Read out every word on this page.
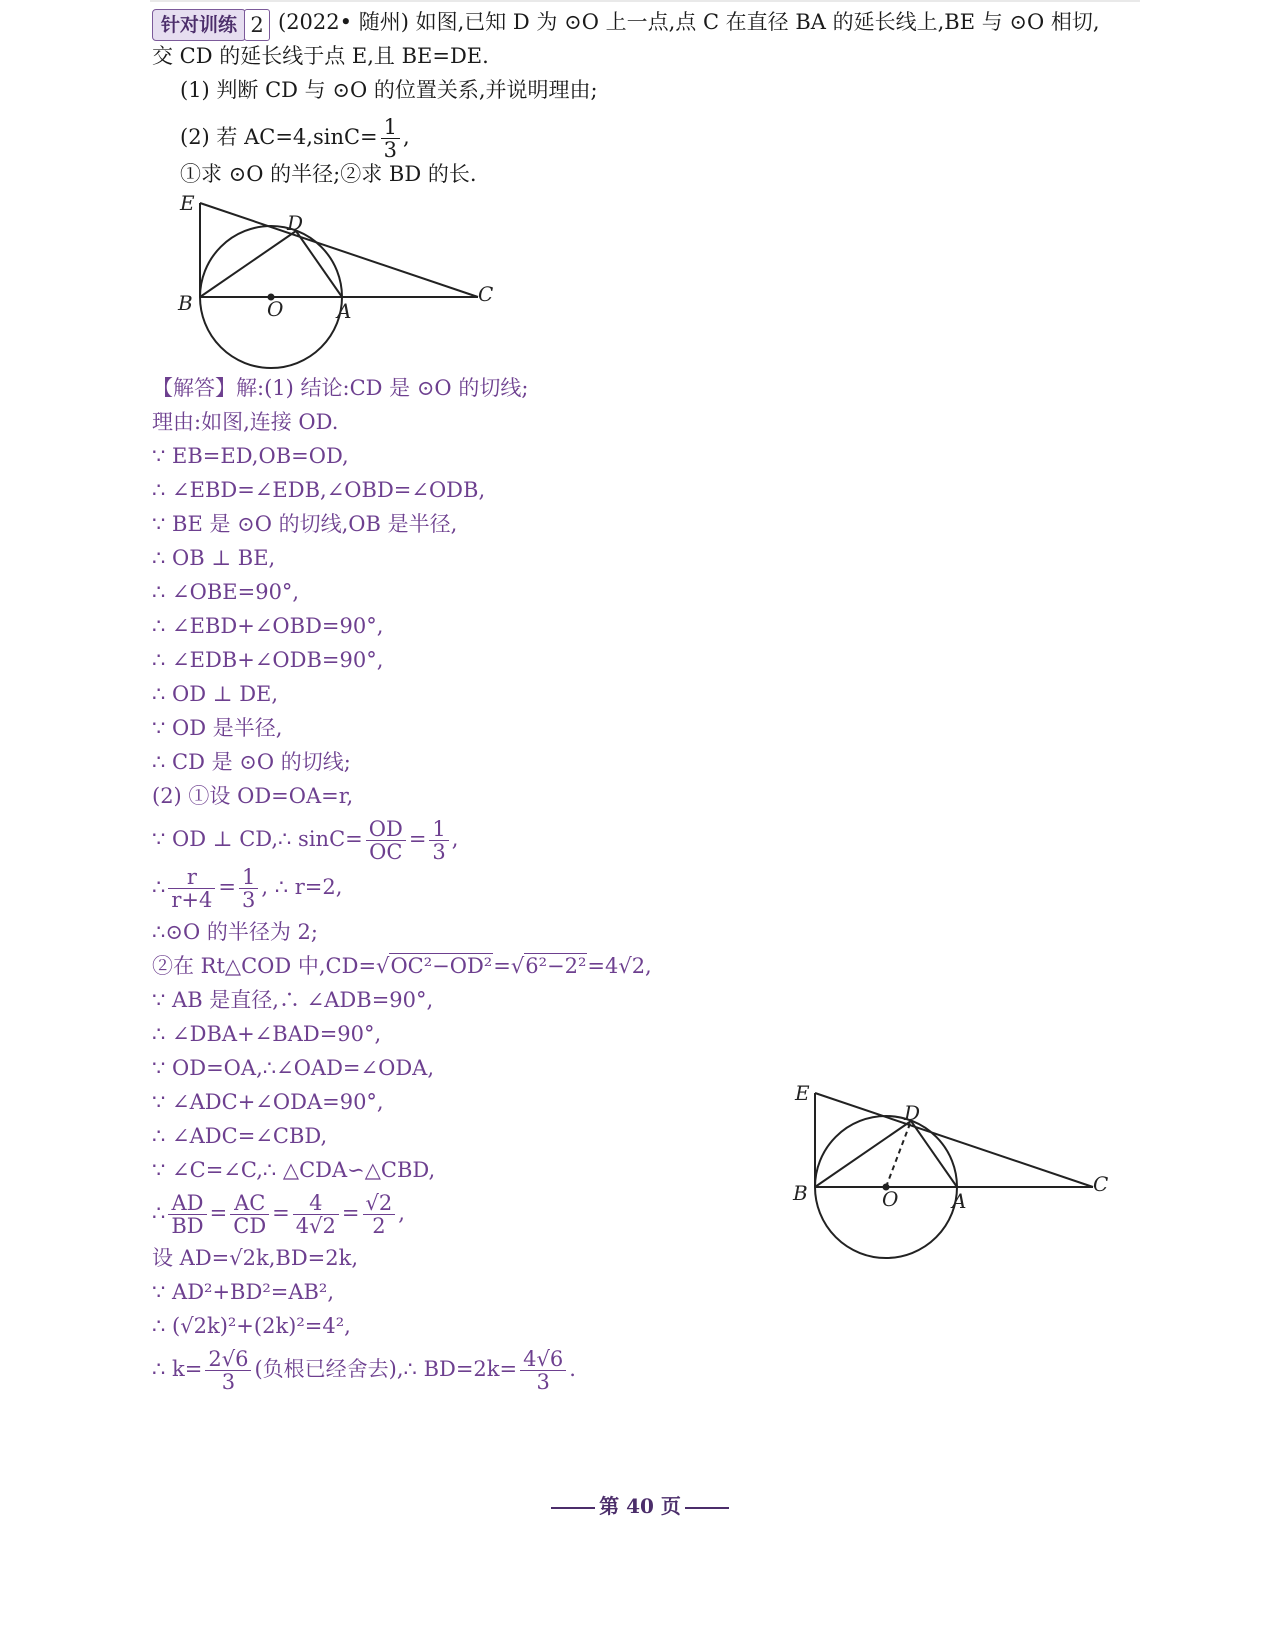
针对训练 2 (2022• 随州) 如图,已知 D 为 ⊙O 上一点,点 C 在直径 BA 的延长线上,BE 与 ⊙O 相切,
交 CD 的延长线于点 E,且 BE=DE.
(1) 判断 CD 与 ⊙O 的位置关系,并说明理由;
(2) 若 $AC=4,\sin C= \frac{1}{3}$ ,
①求 ⊙O 的半径;②求 BD 的长.
E
D
B	O	A
C
【解答】解:(1) 结论:CD 是 ⊙O 的切线;
理由:如图,连接 OD.
∵ EB=ED,OB=OD,
∴ ∠EBD=∠EDB,∠OBD=∠ODB,
∵ BE 是 ⊙O 的切线,OB 是半径,
∴ OB ⊥ BE,
∴ ∠OBE=90°,
∴ ∠EBD+∠OBD=90°,
∴ ∠EDB+∠ODB=90°,
∴ OD ⊥ DE,
∵ OD 是半径,
∴ CD 是 ⊙O 的切线;
(2) ①设 OD=OA=r,
∵ OD ⊥ CD,∴ $\sin C= \frac{OD}{OC} = \frac{1}{3}$ ,
∴ $\frac{r}{r+4} = \frac{1}{3}$ , ∴ r=2,
∴⊙O 的半径为 2;
②在 Rt△COD 中,CD=√OC²−OD²=√6²−2²=4√2,
∵ AB 是直径,∴ ∠ADB=90°,
∴ ∠DBA+∠BAD=90°,
∵ OD=OA,∴∠OAD=∠ODA,
∵ ∠ADC+∠ODA=90°,
∴ ∠ADC=∠CBD,
∵ ∠C=∠C,∴ △CDA∽△CBD,
∴ $\frac{AD}{BD} = \frac{AC}{CD} = \frac{4}{4√2} = \frac{√2}{2}$ ,
设 AD=√2k,BD=2k,
∵ AD²+BD²=AB²,
∴ (√2k)²+(2k)²=4²,
∴ $k= \frac{2√6}{3}$ (负根已经舍去),∴ $BD=2k= \frac{4√6}{3}$ .
E
D
B	O	A
C
第 40 页
